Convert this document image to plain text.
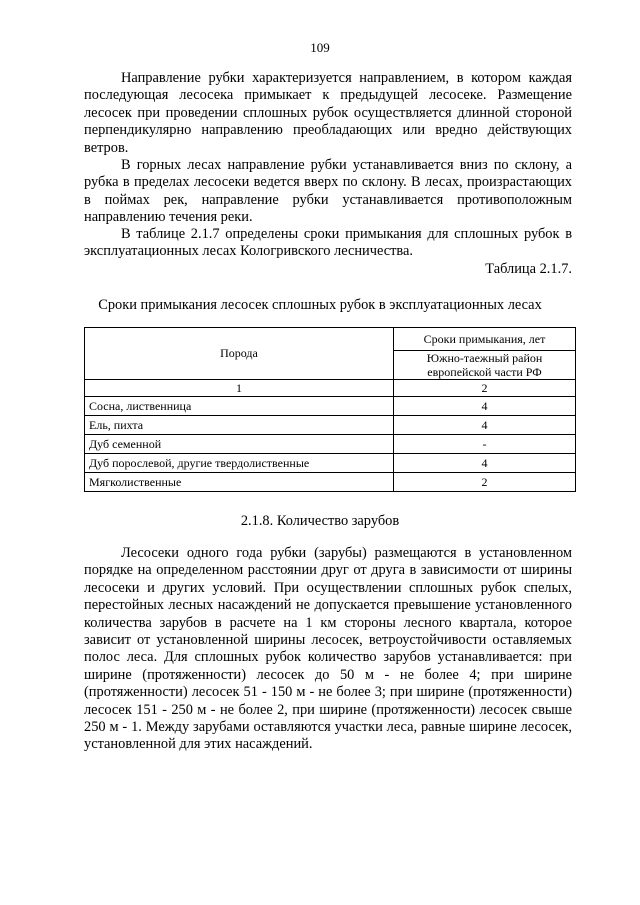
109

Направление рубки характеризуется направлением, в котором каждая последующая лесосека примыкает к предыдущей лесосеке. Размещение лесосек при проведении сплошных рубок осуществляется длинной стороной перпендикулярно направлению преобладающих или вредно действующих ветров.

В горных лесах направление рубки устанавливается вниз по склону, а рубка в пределах лесосеки ведется вверх по склону. В лесах, произрастающих в поймах рек, направление рубки устанавливается противоположным направлению течения реки.

В таблице 2.1.7 определены сроки примыкания для сплошных рубок в эксплуатационных лесах Кологривского лесничества.

Таблица 2.1.7.
Сроки примыкания лесосек сплошных рубок в эксплуатационных лесах
Порода	Сроки примыкания, лет
	Южно-таежный район европейской части РФ
1	2
Сосна, лиственница	4
Ель, пихта	4
Дуб семенной	-
Дуб порослевой, другие твердолиственные	4
Мягколиственные	2
2.1.8. Количество зарубов

Лесосеки одного года рубки (зарубы) размещаются в установленном порядке на определенном расстоянии друг от друга в зависимости от ширины лесосеки и других условий. При осуществлении сплошных рубок спелых, перестойных лесных насаждений не допускается превышение установленного количества зарубов в расчете на 1 км стороны лесного квартала, которое зависит от установленной ширины лесосек, ветроустойчивости оставляемых полос леса. Для сплошных рубок количество зарубов устанавливается: при ширине (протяженности) лесосек до 50 м - не более 4; при ширине (протяженности) лесосек 51 - 150 м - не более 3; при ширине (протяженности) лесосек 151 - 250 м - не более 2, при ширине (протяженности) лесосек свыше 250 м - 1. Между зарубами оставляются участки леса, равные ширине лесосек, установленной для этих насаждений.
